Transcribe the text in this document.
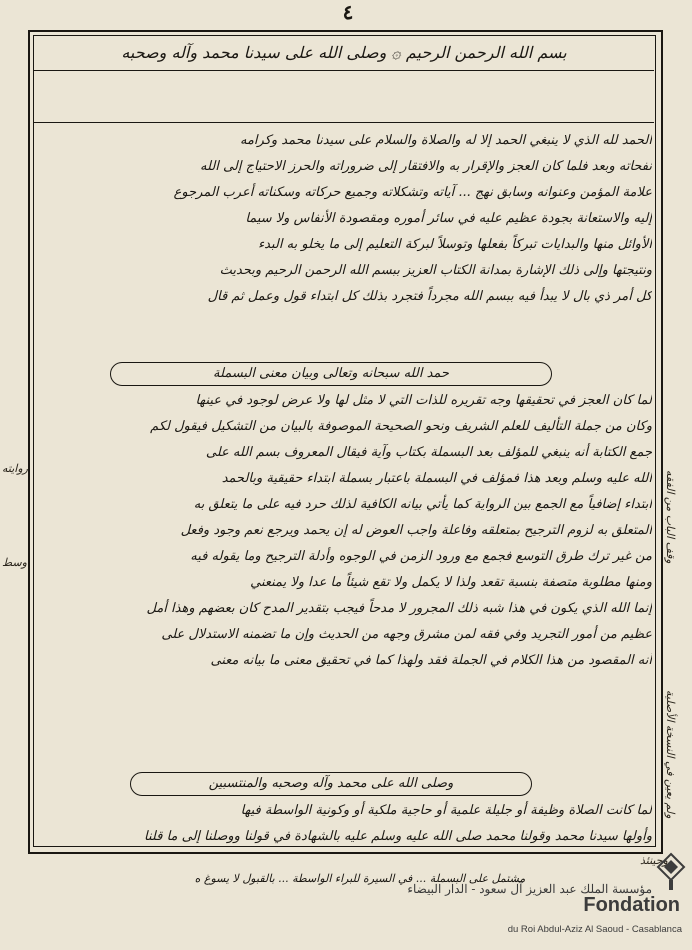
٤
بسم الله الرحمن الرحيم ۞ وصلى الله على سيدنا محمد وآله وصحبه
الحمد لله الذي لا ينبغي الحمد إلا له والصلاة والسلام على سيدنا محمد وكرامه
نفحاته وبعد فلما كان العجز والإقرار به والافتقار إلى ضروراته والحرز الاحتياج إلى الله
علامة المؤمن وعنوانه وسابق نهج ... آياته وتشكلاته وجميع حركاته وسكناته أعرب المرجوع
إليه والاستعانة بجودة عظيم عليه في سائر أموره ومقصودة الأنفاس ولا سيما
الأوائل منها والبدايات تبركاً بفعلها وتوسلاً لبركة التعليم إلى ما يخلو به البدء
ونتيجتها وإلى ذلك الإشارة بمدانة الكتاب العزيز ببسم الله الرحمن الرحيم وبحديث
كل أمر ذي بال لا يبدأ فيه ببسم الله مجرداً فتجرد بذلك كل ابتداء قول وعمل ثم قال
حمد الله سبحانه وتعالى وبيان معنى البسملة
لما كان العجز في تحقيقها وجه تقريره للذات التي لا مثل لها ولا عرض لوجود في عينها
وكان من جملة التأليف للعلم الشريف ونحو الصحيحة الموصوفة بالبيان من التشكيل فيقول لكم
جمع الكتابة أنه ينبغي للمؤلف بعد البسملة بكتاب وآية فيقال المعروف بسم الله على
الله عليه وسلم وبعد هذا فمؤلف في البسملة باعتبار بسملة ابتداء حقيقية وبالحمد
ابتداء إضافياً مع الجمع بين الرواية كما يأتي بيانه الكافية لذلك حرد فيه على ما يتعلق به
المتعلق به لزوم الترجيح بمتعلقه وفاعلة واجب العوض له إن يحمد ويرجع نعم وجود وفعل
من غير ترك طرق التوسع فجمع مع ورود الزمن في الوجوه وأدلة الترجيح وما يقوله فيه
ومنها مطلوبة متصفة بنسبة تقعد ولذا لا يكمل ولا تقع شيئاً ما عدا ولا يمنعني
إنما الله الذي يكون في هذا شبه ذلك المجرور لا مدحاً فيجب بتقدير المدح كان بعضهم وهذا أمل
عظيم من أمور التجريد وفي فقه لمن مشرق وجهه من الحديث وإن ما تضمنه الاستدلال على
أنه المقصود من هذا الكلام في الجملة فقد ولهذا كما في تحقيق معنى ما بيانه معنى
وصلى الله على محمد وآله وصحبه والمنتسبين
لما كانت الصلاة وظيفة أو جليلة علمية أو حاجية ملكية أو وكونية الواسطة فيها
وأولها سيدنا محمد وقولنا محمد صلى الله عليه وسلم عليه بالشهادة في قولنا ووصلنا إلى ما قلنا
روايته
وسط
ولم يعين في النسخة الأصلية
وقف الباب من الفقه
وحينئذ
مشتمل على البسملة ... في السيرة للبراء الواسطة ... بالقبول لا يسوغ ه
مؤسسة الملك عبد العزيز آل سعود - الدار البيضاء
Fondation
du Roi Abdul-Aziz Al Saoud - Casablanca
